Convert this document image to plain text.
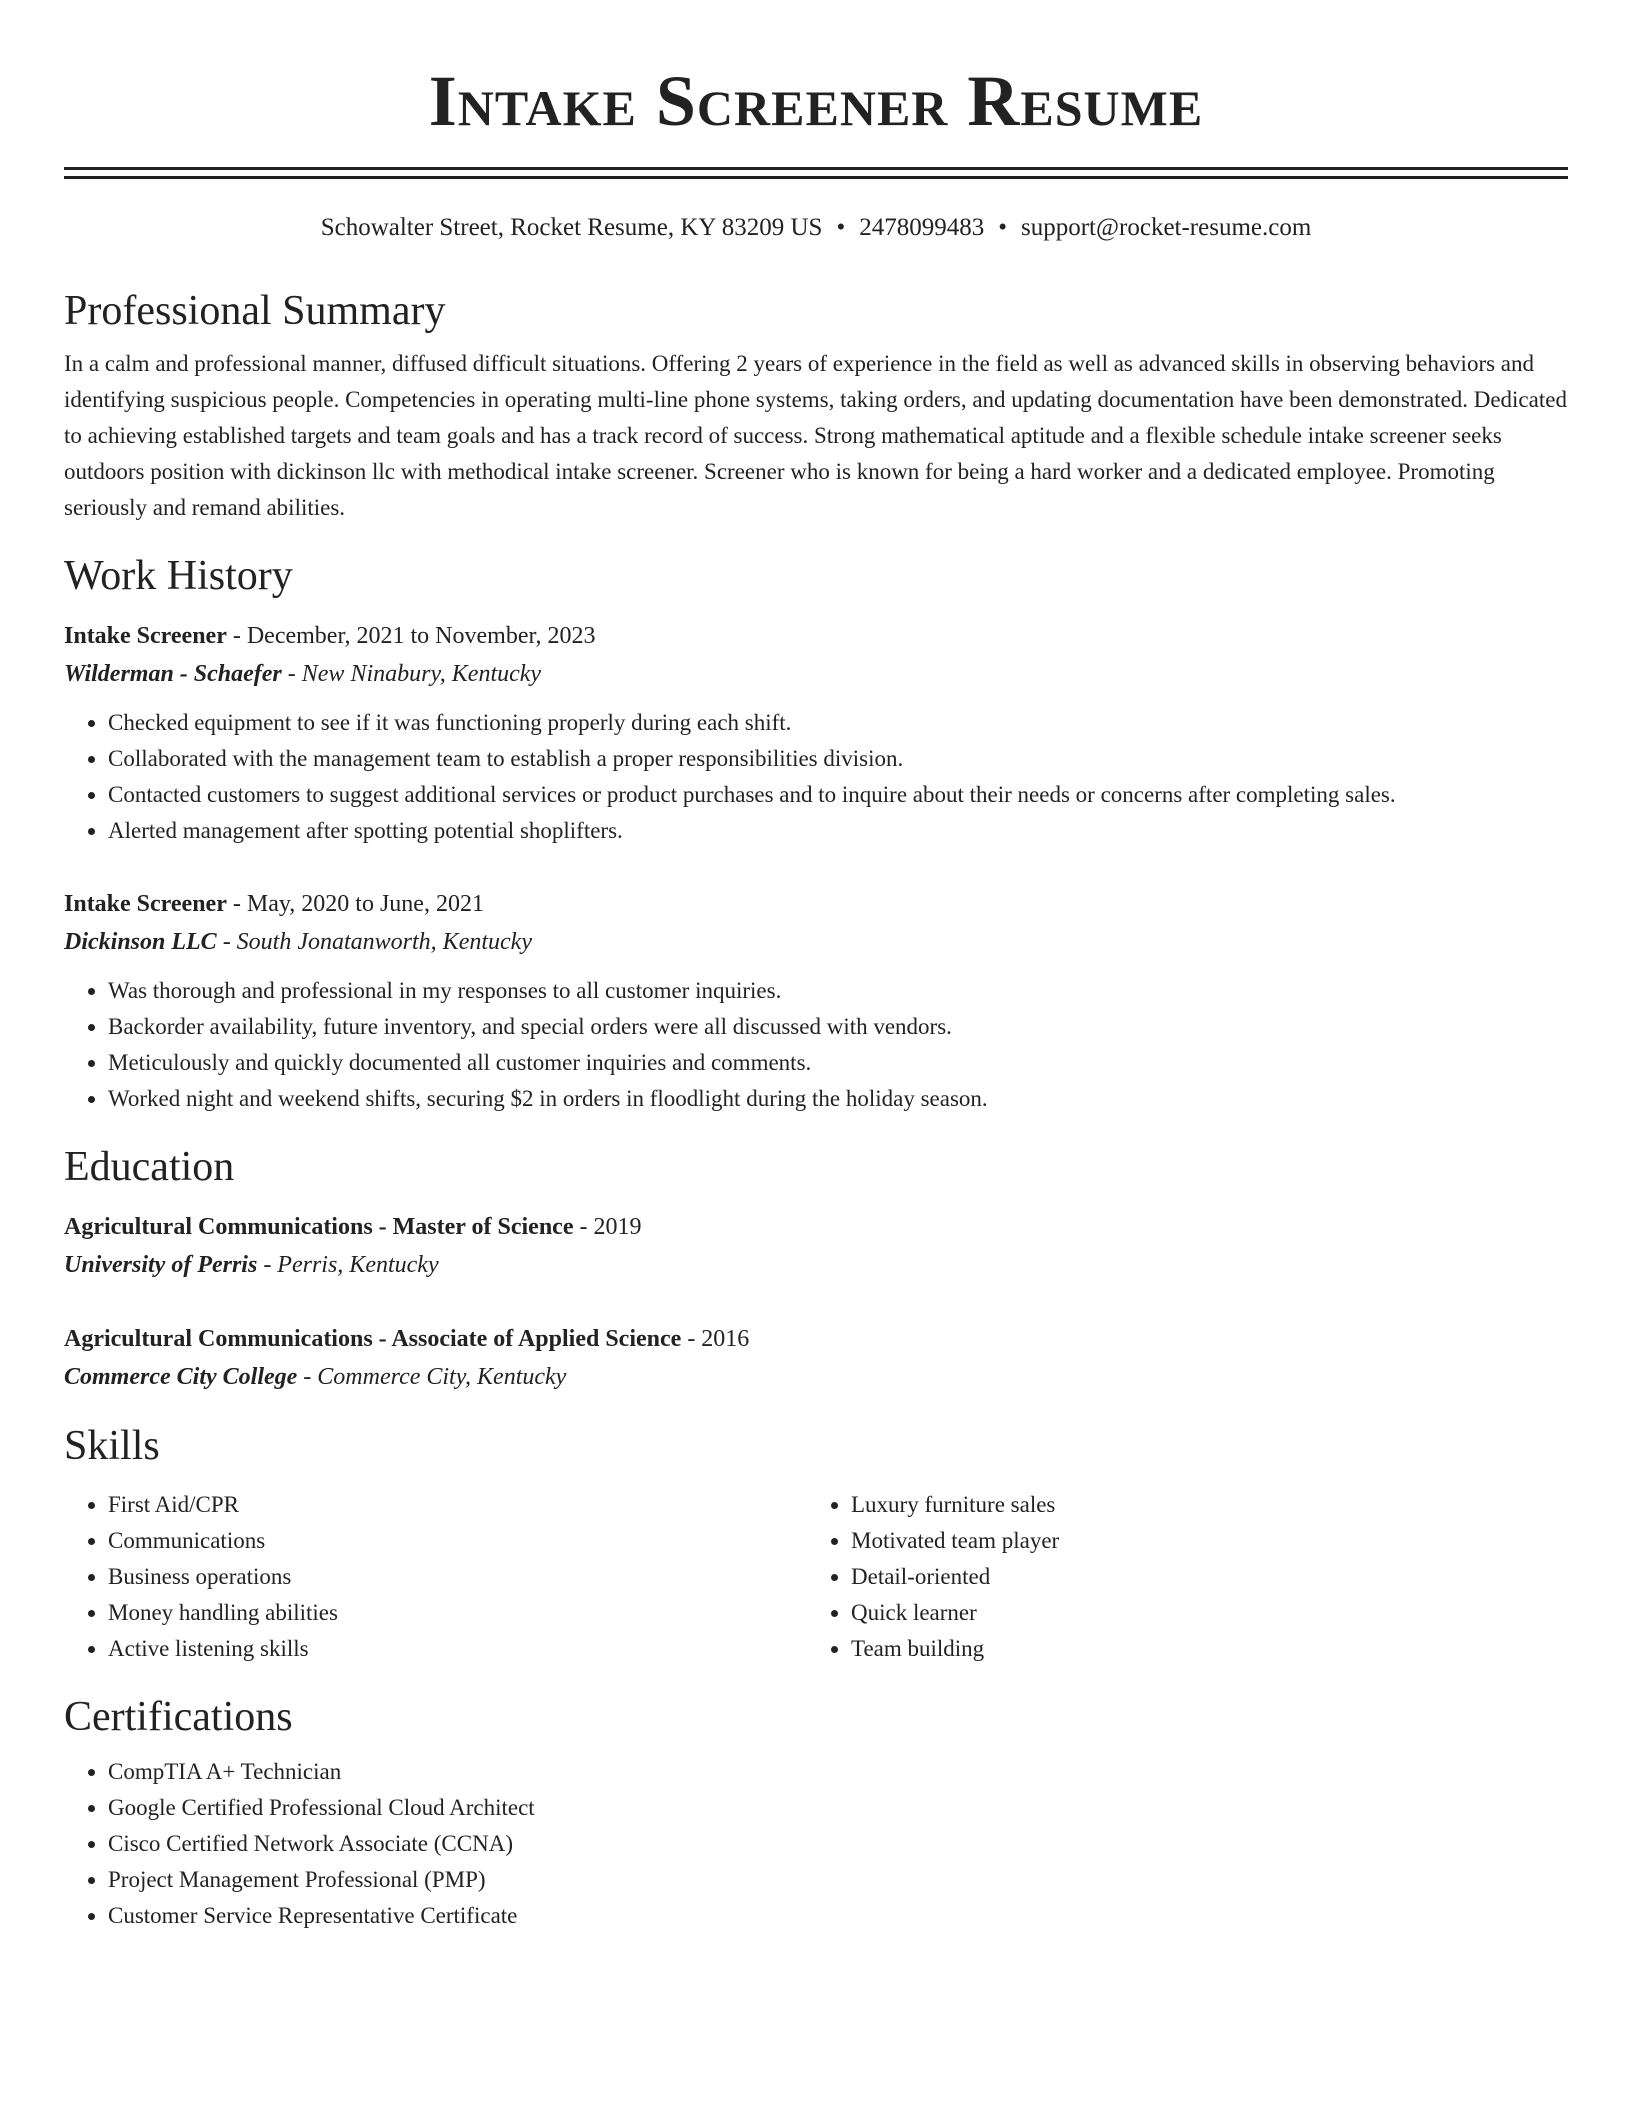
Intake Screener Resume
Schowalter Street, Rocket Resume, KY 83209 US • 2478099483 • support@rocket-resume.com
Professional Summary

In a calm and professional manner, diffused difficult situations. Offering 2 years of experience in the field as well as advanced skills in observing behaviors and identifying suspicious people. Competencies in operating multi-line phone systems, taking orders, and updating documentation have been demonstrated. Dedicated to achieving established targets and team goals and has a track record of success. Strong mathematical aptitude and a flexible schedule intake screener seeks outdoors position with dickinson llc with methodical intake screener. Screener who is known for being a hard worker and a dedicated employee. Promoting seriously and remand abilities.

Work History
Intake Screener - December, 2021 to November, 2023
Wilderman - Schaefer - New Ninabury, Kentucky
• Checked equipment to see if it was functioning properly during each shift.
• Collaborated with the management team to establish a proper responsibilities division.
• Contacted customers to suggest additional services or product purchases and to inquire about their needs or concerns after completing sales.
• Alerted management after spotting potential shoplifters.
Intake Screener - May, 2020 to June, 2021
Dickinson LLC - South Jonatanworth, Kentucky
• Was thorough and professional in my responses to all customer inquiries.
• Backorder availability, future inventory, and special orders were all discussed with vendors.
• Meticulously and quickly documented all customer inquiries and comments.
• Worked night and weekend shifts, securing $2 in orders in floodlight during the holiday season.
Education
Agricultural Communications - Master of Science - 2019
University of Perris - Perris, Kentucky
Agricultural Communications - Associate of Applied Science - 2016
Commerce City College - Commerce City, Kentucky
Skills
• First Aid/CPR
• Communications
• Business operations
• Money handling abilities
• Active listening skills
• Luxury furniture sales
• Motivated team player
• Detail-oriented
• Quick learner
• Team building
Certifications
• CompTIA A+ Technician
• Google Certified Professional Cloud Architect
• Cisco Certified Network Associate (CCNA)
• Project Management Professional (PMP)
• Customer Service Representative Certificate
